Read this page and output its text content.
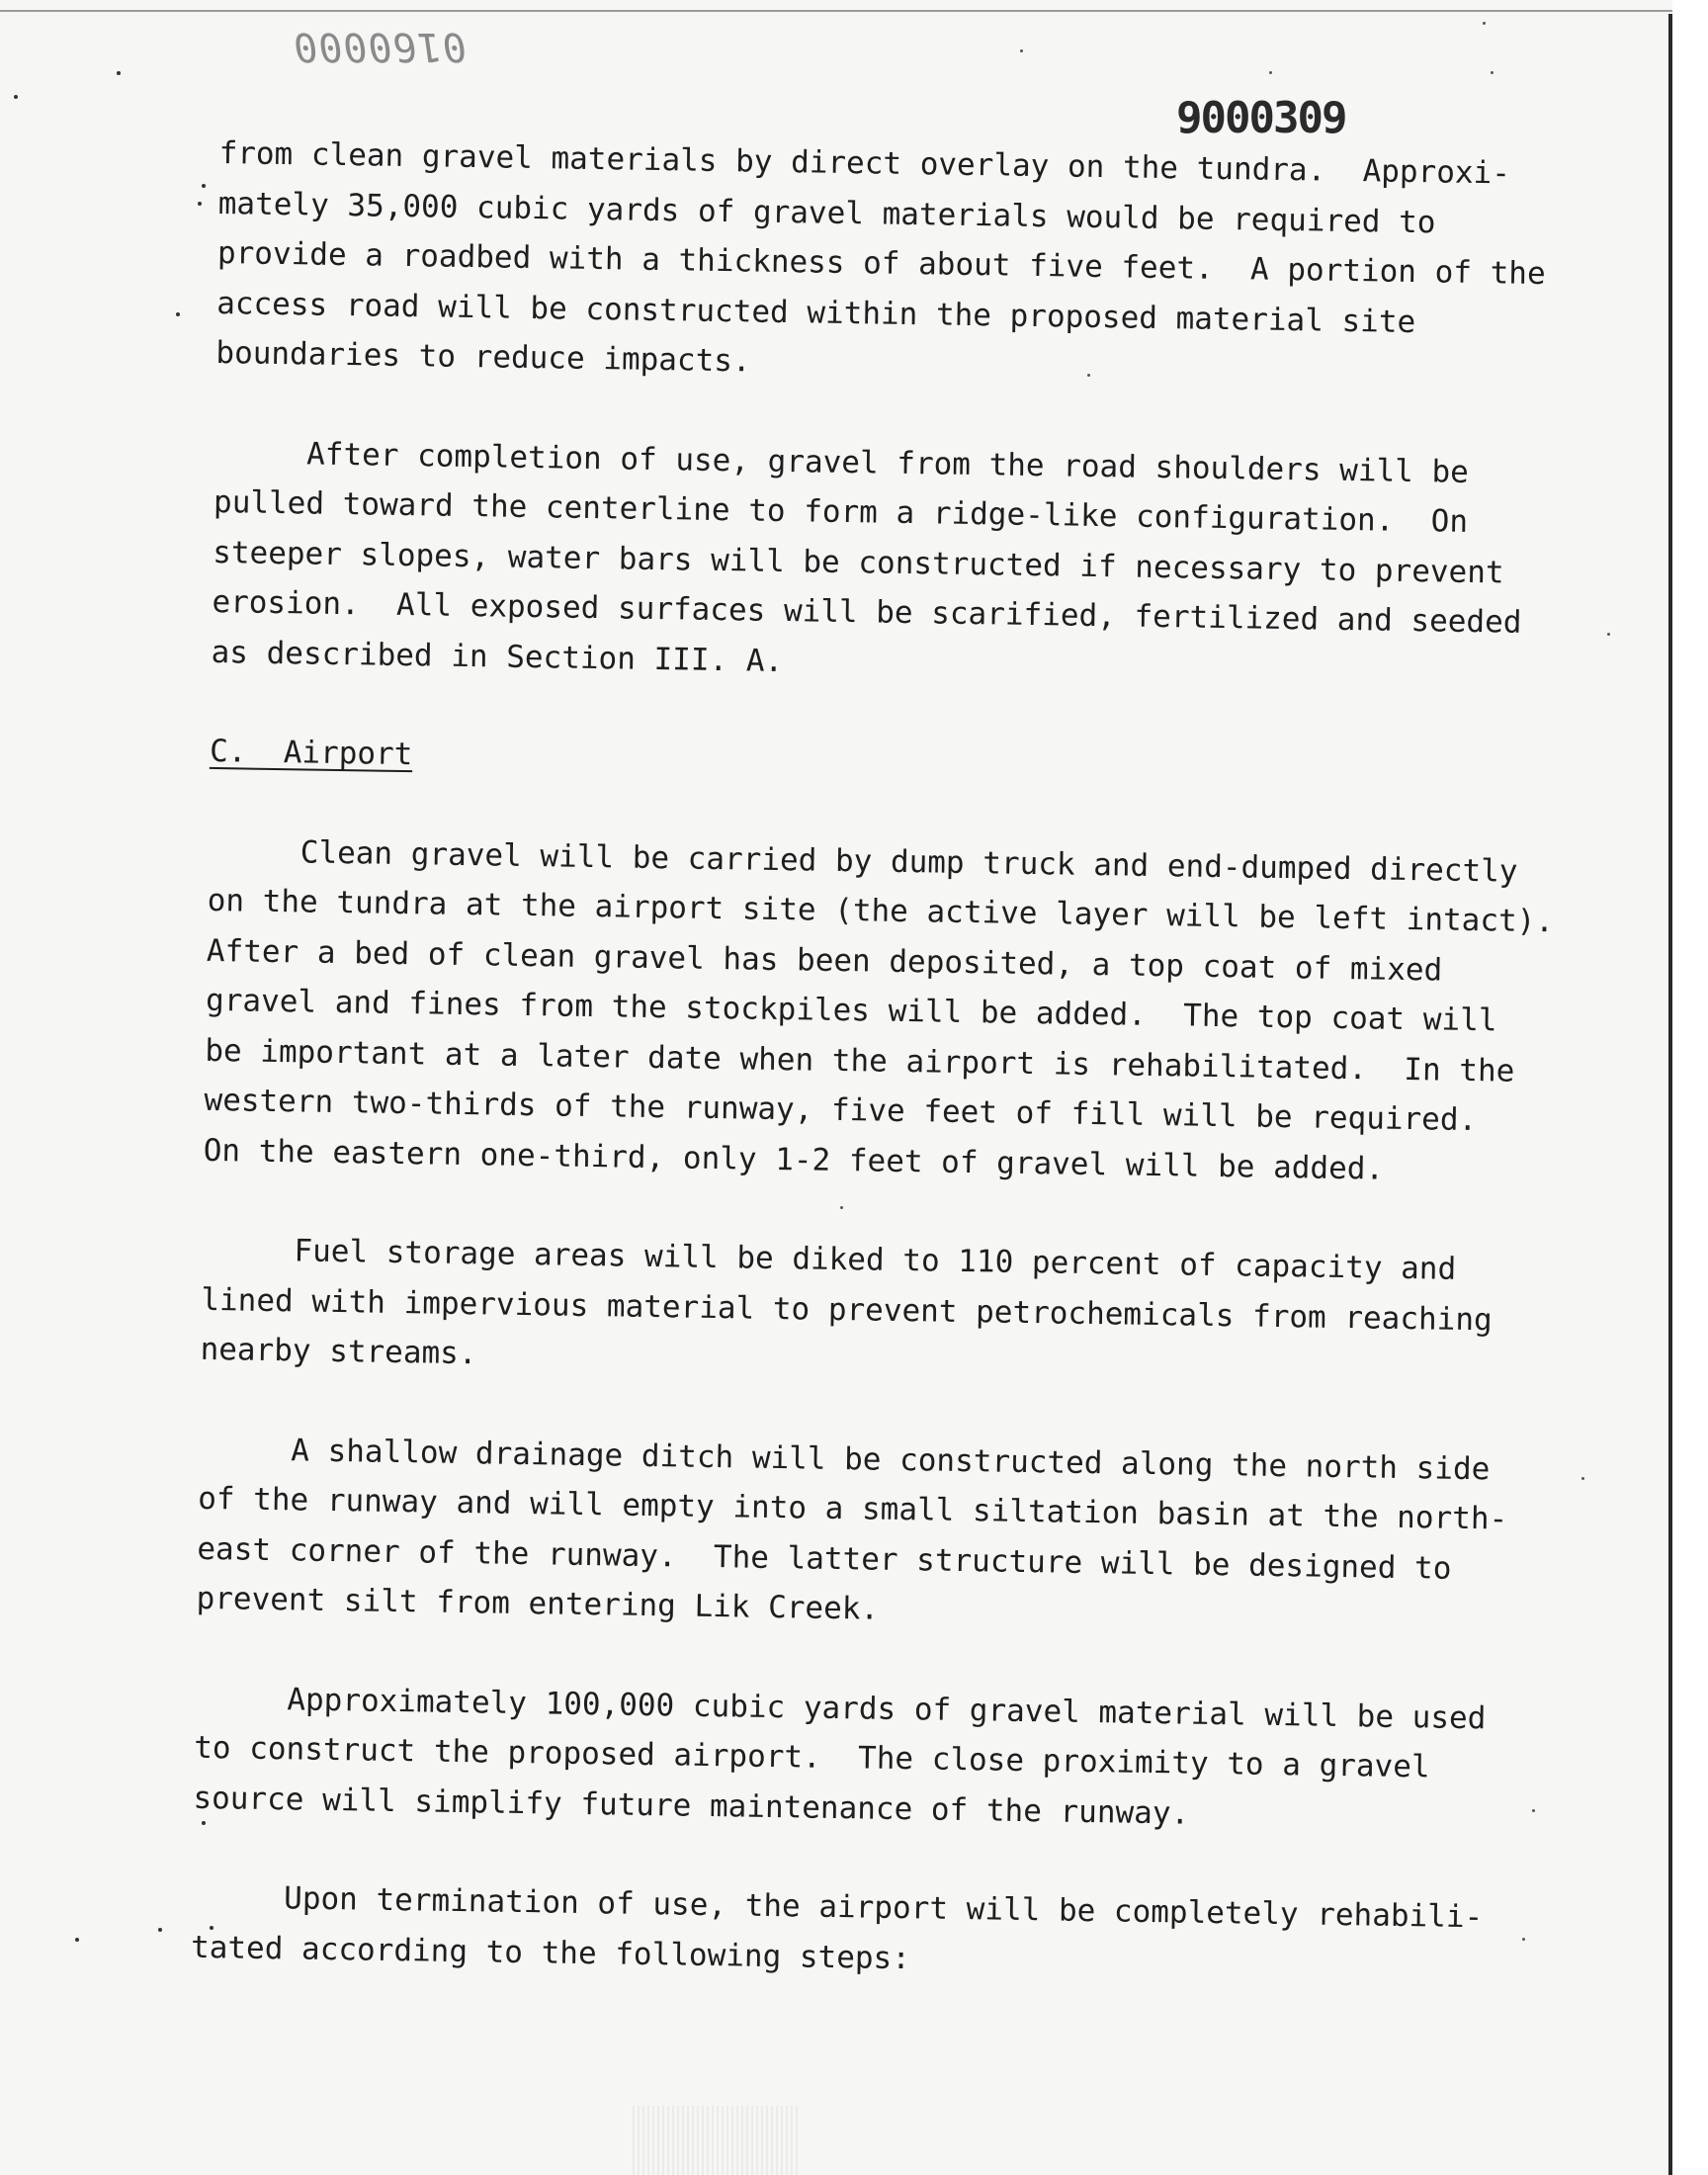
0160000
9000309

from clean gravel materials by direct overlay on the tundra.  Approxi-

mately 35,000 cubic yards of gravel materials would be required to

provide a roadbed with a thickness of about five feet.  A portion of the

access road will be constructed within the proposed material site

boundaries to reduce impacts.

After completion of use, gravel from the road shoulders will be

pulled toward the centerline to form a ridge-like configuration.  On

steeper slopes, water bars will be constructed if necessary to prevent

erosion.  All exposed surfaces will be scarified, fertilized and seeded

as described in Section III. A.

C.  Airport

Clean gravel will be carried by dump truck and end-dumped directly

on the tundra at the airport site (the active layer will be left intact).

After a bed of clean gravel has been deposited, a top coat of mixed

gravel and fines from the stockpiles will be added.  The top coat will

be important at a later date when the airport is rehabilitated.  In the

western two-thirds of the runway, five feet of fill will be required.

On the eastern one-third, only 1-2 feet of gravel will be added.

Fuel storage areas will be diked to 110 percent of capacity and

lined with impervious material to prevent petrochemicals from reaching

nearby streams.

A shallow drainage ditch will be constructed along the north side

of the runway and will empty into a small siltation basin at the north-

east corner of the runway.  The latter structure will be designed to

prevent silt from entering Lik Creek.

Approximately 100,000 cubic yards of gravel material will be used

to construct the proposed airport.  The close proximity to a gravel

source will simplify future maintenance of the runway.

Upon termination of use, the airport will be completely rehabili-

tated according to the following steps:
